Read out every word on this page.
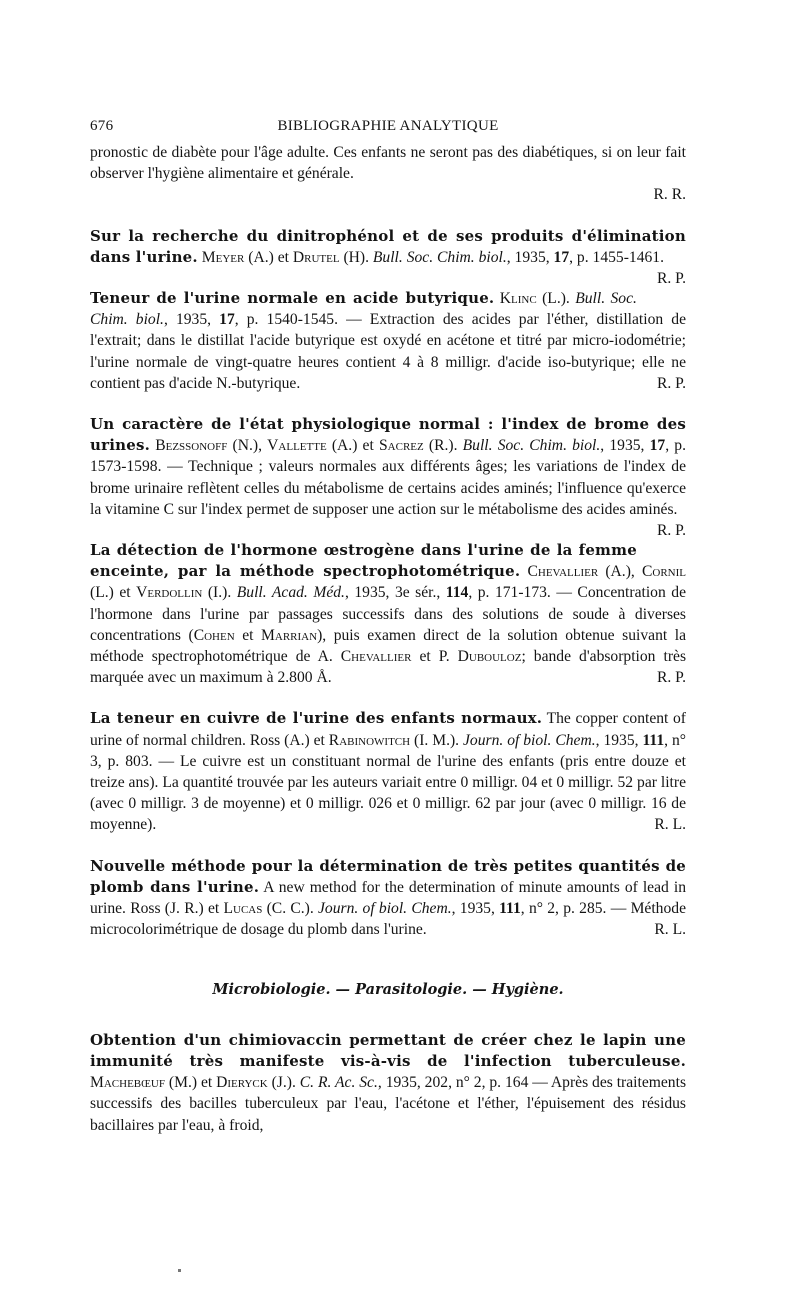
676	BIBLIOGRAPHIE ANALYTIQUE

pronostic de diabète pour l'âge adulte. Ces enfants ne seront pas des diabétiques, si on leur fait observer l'hygiène alimentaire et générale.
R. R.

Sur la recherche du dinitrophénol et de ses produits d'élimination dans l'urine. Meyer (A.) et Drutel (H). Bull. Soc. Chim. biol., 1935, 17, p. 1455-1461.
R. P.

Teneur de l'urine normale en acide butyrique. Klinc (L.). Bull. Soc. Chim. biol., 1935, 17, p. 1540-1545. — Extraction des acides par l'éther, distillation de l'extrait; dans le distillat l'acide butyrique est oxydé en acétone et titré par micro-iodométrie; l'urine normale de vingt-quatre heures contient 4 à 8 milligr. d'acide iso-butyrique; elle ne contient pas d'acide N.-butyrique.	R. P.

Un caractère de l'état physiologique normal : l'index de brome des urines. Bezssonoff (N.), Vallette (A.) et Sacrez (R.). Bull. Soc. Chim. biol., 1935, 17, p. 1573-1598. — Technique ; valeurs normales aux différents âges; les variations de l'index de brome urinaire reflètent celles du métabolisme de certains acides aminés; l'influence qu'exerce la vitamine C sur l'index permet de supposer une action sur le métabolisme des acides aminés.
R. P.

La détection de l'hormone œstrogène dans l'urine de la femme enceinte, par la méthode spectrophotométrique. Chevallier (A.), Cornil (L.) et Verdollin (I.). Bull. Acad. Méd., 1935, 3e sér., 114, p. 171-173. — Concentration de l'hormone dans l'urine par passages successifs dans des solutions de soude à diverses concentrations (Cohen et Marrian), puis examen direct de la solution obtenue suivant la méthode spectrophotométrique de A. Chevallier et P. Dubouloz; bande d'absorption très marquée avec un maximum à 2.800 Å.	R. P.

La teneur en cuivre de l'urine des enfants normaux. The copper content of urine of normal children. Ross (A.) et Rabinowitch (I. M.). Journ. of biol. Chem., 1935, 111, n° 3, p. 803. — Le cuivre est un constituant normal de l'urine des enfants (pris entre douze et treize ans). La quantité trouvée par les auteurs variait entre 0 milligr. 04 et 0 milligr. 52 par litre (avec 0 milligr. 3 de moyenne) et 0 milligr. 026 et 0 milligr. 62 par jour (avec 0 milligr. 16 de moyenne).	R. L.

Nouvelle méthode pour la détermination de très petites quantités de plomb dans l'urine. A new method for the determination of minute amounts of lead in urine. Ross (J. R.) et Lucas (C. C.). Journ. of biol. Chem., 1935, 111, n° 2, p. 285. — Méthode microcolorimétrique de dosage du plomb dans l'urine.	R. L.

Microbiologie. — Parasitologie. — Hygiène.

Obtention d'un chimiovaccin permettant de créer chez le lapin une immunité très manifeste vis-à-vis de l'infection tuberculeuse. Machebœuf (M.) et Dieryck (J.). C. R. Ac. Sc., 1935, 202, n° 2, p. 164 — Après des traitements successifs des bacilles tuberculeux par l'eau, l'acétone et l'éther, l'épuisement des résidus bacillaires par l'eau, à froid,
